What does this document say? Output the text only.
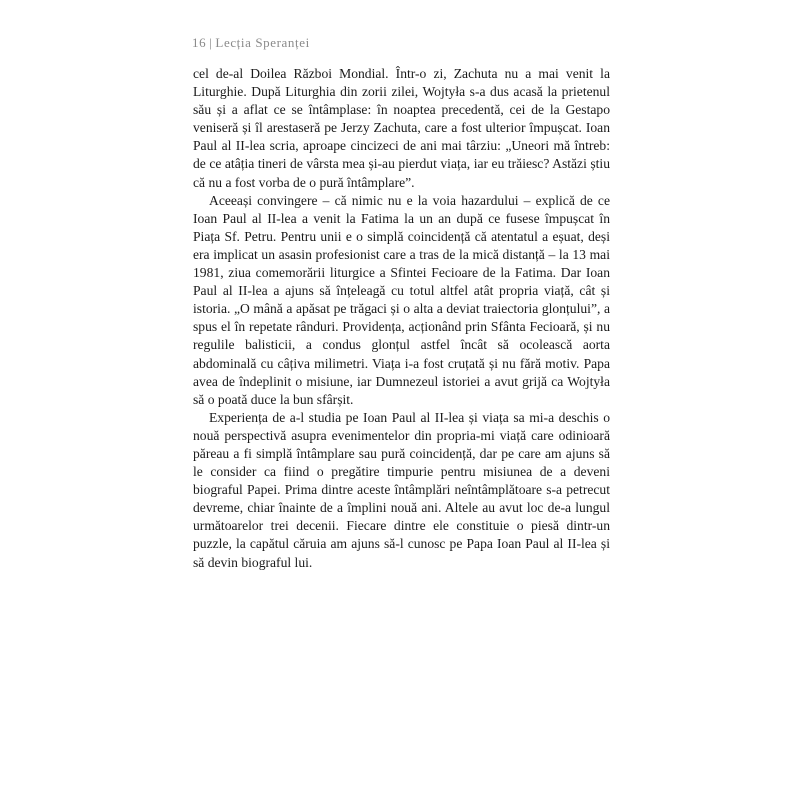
16 | Lecția Speranței

cel de-al Doilea Război Mondial. Într-o zi, Zachuta nu a mai venit la Liturghie. După Liturghia din zorii zilei, Wojtyła s-a dus acasă la prietenul său și a aflat ce se întâmplase: în noaptea precedentă, cei de la Gestapo veniseră și îl arestaseră pe Jerzy Zachuta, care a fost ulterior împușcat. Ioan Paul al II-lea scria, aproape cincizeci de ani mai târziu: „Uneori mă întreb: de ce atâția tineri de vârsta mea și-au pierdut viața, iar eu trăiesc? Astăzi știu că nu a fost vorba de o pură întâmplare”.

Aceeași convingere – că nimic nu e la voia hazardului – explică de ce Ioan Paul al II-lea a venit la Fatima la un an după ce fusese împușcat în Piața Sf. Petru. Pentru unii e o simplă coincidență că atentatul a eșuat, deși era implicat un asasin profesionist care a tras de la mică distanță – la 13 mai 1981, ziua comemorării liturgice a Sfintei Fecioare de la Fatima. Dar Ioan Paul al II-lea a ajuns să înțeleagă cu totul altfel atât propria viață, cât și istoria. „O mână a apăsat pe trăgaci și o alta a deviat traiectoria glonțului”, a spus el în repetate rânduri. Providența, acționând prin Sfânta Fecioară, și nu regulile balisticii, a condus glonțul astfel încât să ocolească aorta abdominală cu câțiva milimetri. Viața i-a fost cruțată și nu fără motiv. Papa avea de îndeplinit o misiune, iar Dumnezeul istoriei a avut grijă ca Wojtyła să o poată duce la bun sfârșit.

Experiența de a-l studia pe Ioan Paul al II-lea și viața sa mi-a deschis o nouă perspectivă asupra evenimentelor din propria-mi viață care odinioară păreau a fi simplă întâmplare sau pură coincidență, dar pe care am ajuns să le consider ca fiind o pregătire timpurie pentru misiunea de a deveni biograful Papei. Prima dintre aceste întâmplări neîntâmplătoare s-a petrecut devreme, chiar înainte de a împlini nouă ani. Altele au avut loc de-a lungul următoarelor trei decenii. Fiecare dintre ele constituie o piesă dintr-un puzzle, la capătul căruia am ajuns să-l cunosc pe Papa Ioan Paul al II-lea și să devin biograful lui.
